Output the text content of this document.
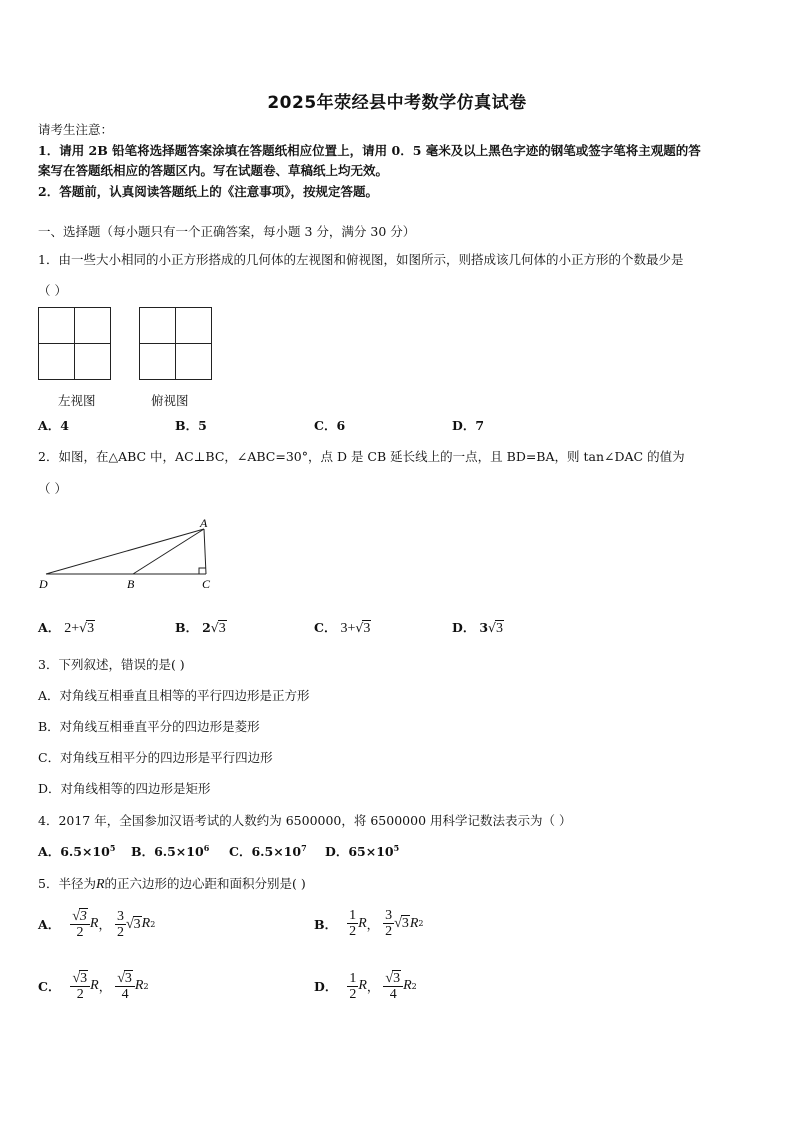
2025年荥经县中考数学仿真试卷
请考生注意：
1．请用 2B 铅笔将选择题答案涂填在答题纸相应位置上，请用 0．5 毫米及以上黑色字迹的钢笔或签字笔将主观题的答
案写在答题纸相应的答题区内。写在试题卷、草稿纸上均无效。
2．答题前，认真阅读答题纸上的《注意事项》，按规定答题。
一、选择题（每小题只有一个正确答案，每小题 3 分，满分 30 分）
1．由一些大小相同的小正方形搭成的几何体的左视图和俯视图，如图所示，则搭成该几何体的小正方形的个数最少是
（ ）
左视图	俯视图
A．4	B．5	C．6	D．7
2．如图，在△ABC 中，AC⊥BC，∠ABC=30°，点 D 是 CB 延长线上的一点，且 BD=BA，则 tan∠DAC 的值为
（ ）
A
B	C
D
A． 2+√3	B． 2√3	C． 3+√3	D． 3√3
3．下列叙述，错误的是( )
A．对角线互相垂直且相等的平行四边形是正方形
B．对角线互相垂直平分的四边形是菱形
C．对角线互相平分的四边形是平行四边形
D．对角线相等的四边形是矩形
4．2017 年，全国参加汉语考试的人数约为 6500000，将 6500000 用科学记数法表示为（ ）
A．$6.5\times 10^5$ B．$6.5\times 10^6$ C．$6.5\times 10^7$ D．$65\times 10^5$
5．半径为R的正六边形的边心距和面积分别是( )
A． $\frac{√3}{2}$ R ， $\frac{3}{2} √3$ R 2	B． $\frac{1}{2}$ R ， $\frac{3}{2} √3$ R 2
C． $\frac{√3}{2}$ R ， $\frac{√3}{4}$ R 2	D． $\frac{1}{2}$ R ， $\frac{√3}{4}$ R 2
